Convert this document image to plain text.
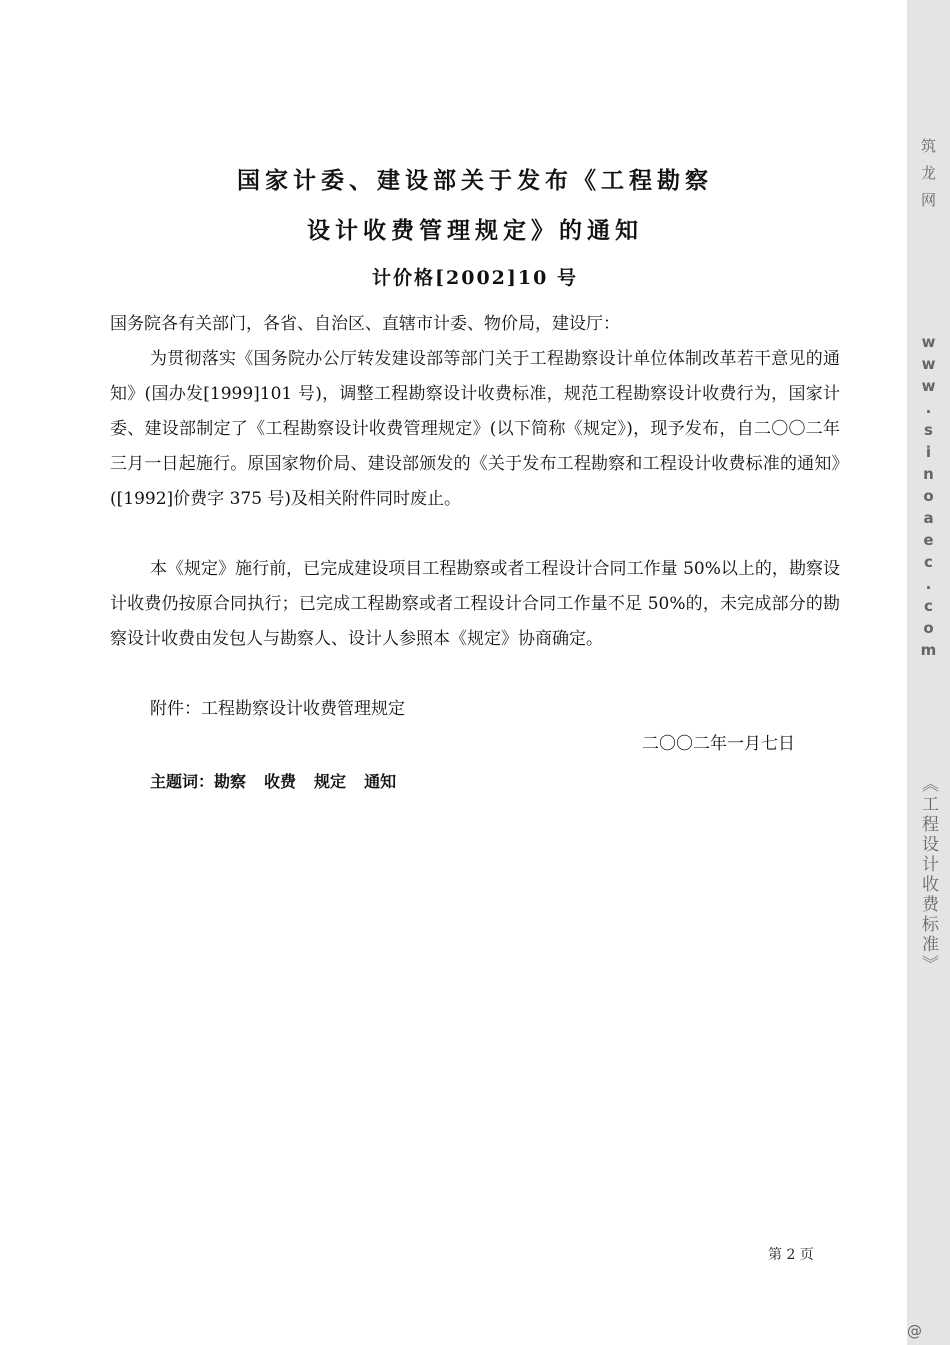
国家计委、建设部关于发布《工程勘察
设计收费管理规定》的通知
计价格[2002]10 号

国务院各有关部门，各省、自治区、直辖市计委、物价局，建设厅：

为贯彻落实《国务院办公厅转发建设部等部门关于工程勘察设计单位体制改革若干意见的通知》(国办发[1999]101 号)，调整工程勘察设计收费标准，规范工程勘察设计收费行为，国家计委、建设部制定了《工程勘察设计收费管理规定》(以下简称《规定》)，现予发布，自二〇〇二年三月一日起施行。原国家物价局、建设部颁发的《关于发布工程勘察和工程设计收费标准的通知》([1992]价费字 375 号)及相关附件同时废止。

本《规定》施行前，已完成建设项目工程勘察或者工程设计合同工作量 50%以上的，勘察设计收费仍按原合同执行；已完成工程勘察或者工程设计合同工作量不足 50%的，未完成部分的勘察设计收费由发包人与勘察人、设计人参照本《规定》协商确定。

附件：工程勘察设计收费管理规定

二〇〇二年一月七日
主题词：勘察 收费 规定 通知
第 2 页
筑龙网
www.sinoaec.com
《工程设计收费标准》
@
